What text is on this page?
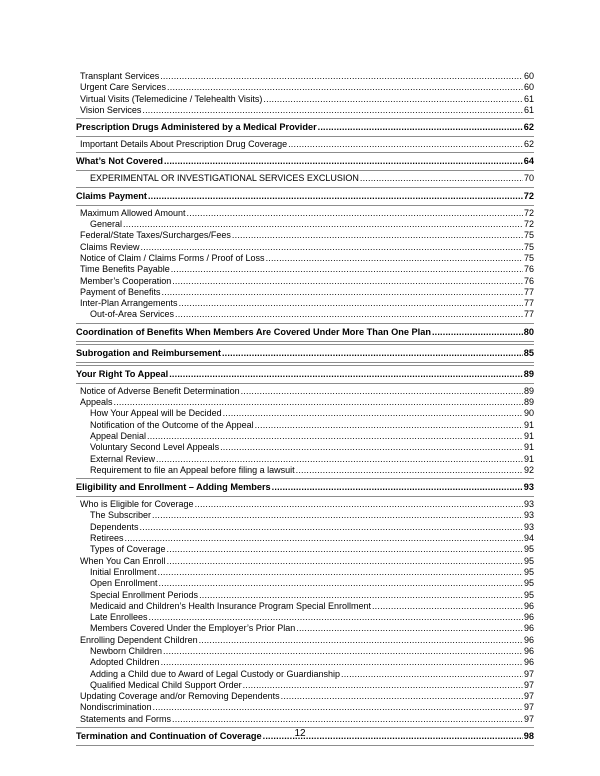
Transplant Services .....	60
Urgent Care Services .....	60
Virtual Visits (Telemedicine / Telehealth Visits) .....	61
Vision Services .....	61
Prescription Drugs Administered by a Medical Provider .....	62
Important Details About Prescription Drug Coverage .....	62
What’s Not Covered .....	64
EXPERIMENTAL OR INVESTIGATIONAL SERVICES EXCLUSION .....	70
Claims Payment .....	72
Maximum Allowed Amount .....	72
General .....	72
Federal/State Taxes/Surcharges/Fees .....	75
Claims Review .....	75
Notice of Claim / Claims Forms / Proof of Loss .....	75
Time Benefits Payable .....	76
Member’s Cooperation .....	76
Payment of Benefits .....	77
Inter-Plan Arrangements .....	77
Out-of-Area Services .....	77
Coordination of Benefits When Members Are Covered Under More Than One Plan .....	80
Subrogation and Reimbursement .....	85
Your Right To Appeal .....	89
Notice of Adverse Benefit Determination .....	89
Appeals .....	89
How Your Appeal will be Decided .....	90
Notification of the Outcome of the Appeal .....	91
Appeal Denial .....	91
Voluntary Second Level Appeals .....	91
External Review .....	91
Requirement to file an Appeal before filing a lawsuit .....	92
Eligibility and Enrollment – Adding Members .....	93
Who is Eligible for Coverage .....	93
The Subscriber .....	93
Dependents .....	93
Retirees .....	94
Types of Coverage .....	95
When You Can Enroll .....	95
Initial Enrollment .....	95
Open Enrollment .....	95
Special Enrollment Periods .....	95
Medicaid and Children’s Health Insurance Program Special Enrollment .....	96
Late Enrollees .....	96
Members Covered Under the Employer’s Prior Plan .....	96
Enrolling Dependent Children .....	96
Newborn Children .....	96
Adopted Children .....	96
Adding a Child due to Award of Legal Custody or Guardianship .....	97
Qualified Medical Child Support Order .....	97
Updating Coverage and/or Removing Dependents .....	97
Nondiscrimination .....	97
Statements and Forms .....	97
Termination and Continuation of Coverage .....	98
12
